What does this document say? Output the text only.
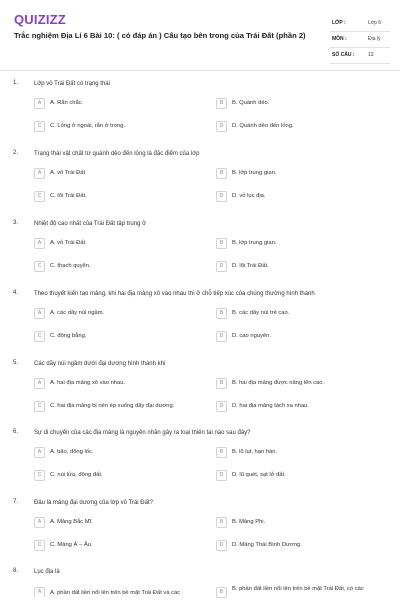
QUIZIZZ
Trắc nghiệm Địa Lí 6 Bài 10: ( có đáp án ) Cấu tạo bên trong của Trái Đất (phần 2)
LỚP :	Lớp 6
MÔN :	Địa lý
SỐ CÂU :	13
1.	Lớp vỏ Trái Đất có trạng thái
A	A. Rắn chắc.	B	B. Quánh dẻo.
C	C. Lỏng ở ngoài, rắn ở trong.	D	D. Quánh dẻo đến lỏng.
2.	Trạng thái vật chất từ quánh dẻo đến lỏng là đặc điểm của lớp
A	A. vỏ Trái Đất	B	B. lớp trung gian.
C	C. lõi Trái Đất.	D	D. vỏ lục địa.
3.	Nhiệt độ cao nhất của Trái Đất tập trung ở
A	A. vỏ Trái Đất.	B	B. lớp trung gian.
C	C. thạch quyển.	D	D. lõi Trái Đất.
4.	Theo thuyết kiến tạo mảng, khi hai địa mảng xô vào nhau thì ở chỗ tiếp xúc của chúng thường hình thành
A	A. các dãy núi ngầm.	B	B. các dãy núi trẻ cao.
C	C. động bằng.	D	D. cao nguyên.
5.	Các dãy núi ngầm dưới đại dương hình thành khi
A	A. hai địa mảng xô vào nhau.	B	B. hai địa mảng được nâng lên cao.
C	C. hai địa mảng bị nén ép xuống dãy đại dương.	D	D. hai địa mảng tách xa nhau.
6.	Sự di chuyển của các địa mảng là nguyên nhân gây ra loại thiên tai nào sau đây?
A	A. bão, dông lốc.	B	B. lũ lụt, hạn hán.
C	C. núi lửa, động đất.	D	D. lũ quét, sạt lở đất.
7.	Đâu là mảng đại dương của lớp vỏ Trái Đất?
A	A. Mảng Bắc Mĩ.	B	B. Mảng Phi.
C	C. Mảng Á – Âu.	D	D. Mảng Thái Bình Dương.
8.	Lục địa là
A	A. phần đất liền nổi lên trên bề mặt Trái Đất và các	B	B. phần đất liền nổi lên trên bề mặt Trái Đất, có các
